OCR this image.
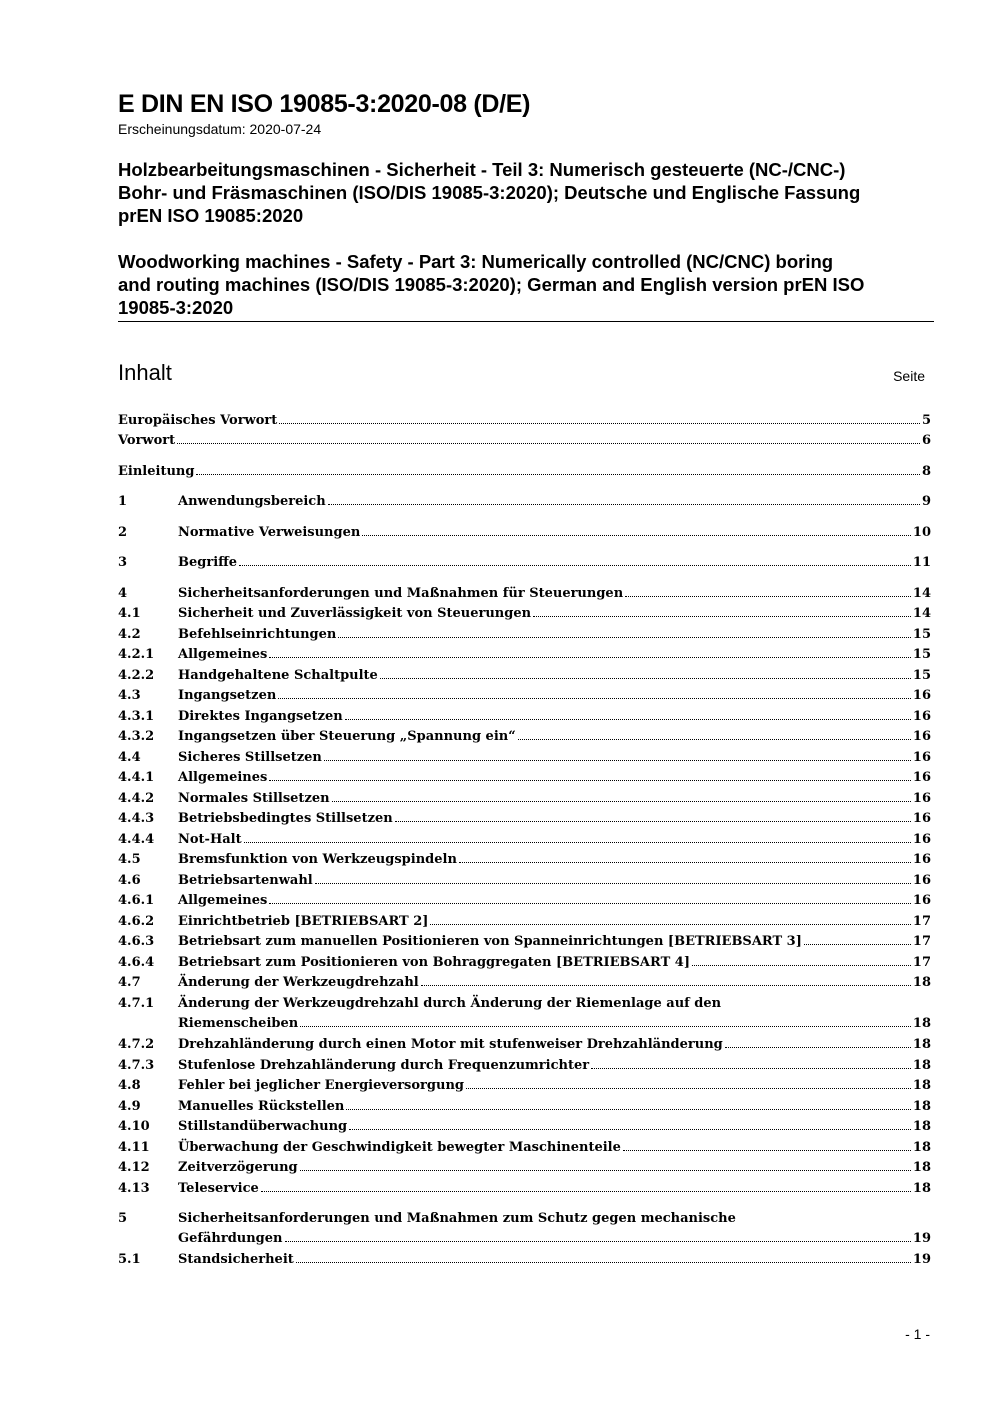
E DIN EN ISO 19085-3:2020-08 (D/E)
Erscheinungsdatum: 2020-07-24
Holzbearbeitungsmaschinen - Sicherheit - Teil 3: Numerisch gesteuerte (NC-/CNC-)
Bohr- und Fräsmaschinen (ISO/DIS 19085-3:2020); Deutsche und Englische Fassung
prEN ISO 19085:2020
Woodworking machines - Safety - Part 3: Numerically controlled (NC/CNC) boring
and routing machines (ISO/DIS 19085-3:2020); German and English version prEN ISO
19085-3:2020
Inhalt	Seite
Europäisches Vorwort	5
Vorwort	6
Einleitung	8
1	Anwendungsbereich	9
2	Normative Verweisungen	10
3	Begriffe	11
4	Sicherheitsanforderungen und Maßnahmen für Steuerungen	14
4.1	Sicherheit und Zuverlässigkeit von Steuerungen	14
4.2	Befehlseinrichtungen	15
4.2.1	Allgemeines	15
4.2.2	Handgehaltene Schaltpulte	15
4.3	Ingangsetzen	16
4.3.1	Direktes Ingangsetzen	16
4.3.2	Ingangsetzen über Steuerung „Spannung ein“	16
4.4	Sicheres Stillsetzen	16
4.4.1	Allgemeines	16
4.4.2	Normales Stillsetzen	16
4.4.3	Betriebsbedingtes Stillsetzen	16
4.4.4	Not-Halt	16
4.5	Bremsfunktion von Werkzeugspindeln	16
4.6	Betriebsartenwahl	16
4.6.1	Allgemeines	16
4.6.2	Einrichtbetrieb [BETRIEBSART 2]	17
4.6.3	Betriebsart zum manuellen Positionieren von Spanneinrichtungen [BETRIEBSART 3]	17
4.6.4	Betriebsart zum Positionieren von Bohraggregaten [BETRIEBSART 4]	17
4.7	Änderung der Werkzeugdrehzahl	18
4.7.1	Änderung der Werkzeugdrehzahl durch Änderung der Riemenlage auf den
Riemenscheiben	18
4.7.2	Drehzahländerung durch einen Motor mit stufenweiser Drehzahländerung	18
4.7.3	Stufenlose Drehzahländerung durch Frequenzumrichter	18
4.8	Fehler bei jeglicher Energieversorgung	18
4.9	Manuelles Rückstellen	18
4.10	Stillstandüberwachung	18
4.11	Überwachung der Geschwindigkeit bewegter Maschinenteile	18
4.12	Zeitverzögerung	18
4.13	Teleservice	18
5	Sicherheitsanforderungen und Maßnahmen zum Schutz gegen mechanische
Gefährdungen	19
5.1	Standsicherheit	19
- 1 -
